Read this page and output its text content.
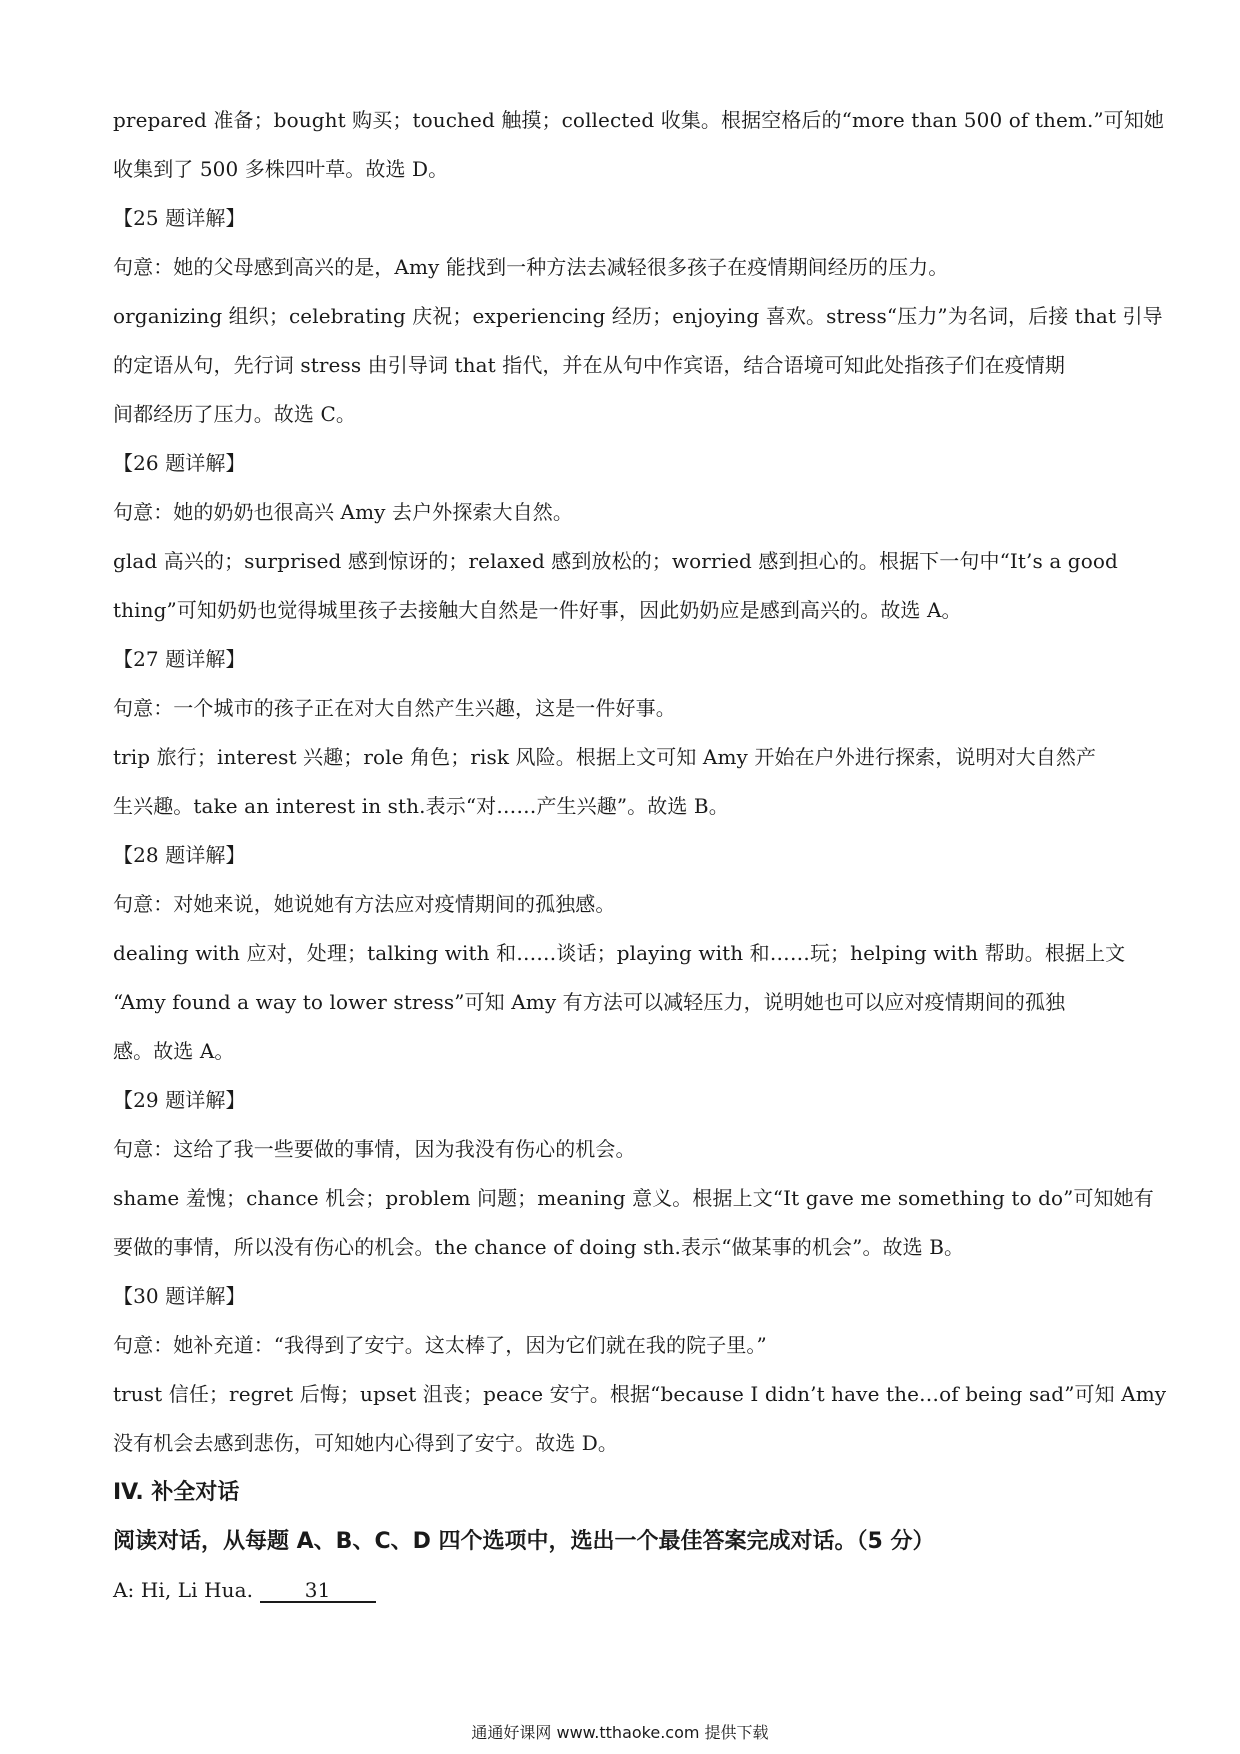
prepared 准备；bought 购买；touched 触摸；collected 收集。根据空格后的“more than 500 of them.”可知她
收集到了 500 多株四叶草。故选 D。
【25 题详解】
句意：她的父母感到高兴的是，Amy 能找到一种方法去减轻很多孩子在疫情期间经历的压力。
organizing 组织；celebrating 庆祝；experiencing 经历；enjoying 喜欢。stress“压力”为名词，后接 that 引导
的定语从句，先行词 stress 由引导词 that 指代，并在从句中作宾语，结合语境可知此处指孩子们在疫情期
间都经历了压力。故选 C。
【26 题详解】
句意：她的奶奶也很高兴 Amy 去户外探索大自然。
glad 高兴的；surprised 感到惊讶的；relaxed 感到放松的；worried 感到担心的。根据下一句中“It’s a good
thing”可知奶奶也觉得城里孩子去接触大自然是一件好事，因此奶奶应是感到高兴的。故选 A。
【27 题详解】
句意：一个城市的孩子正在对大自然产生兴趣，这是一件好事。
trip 旅行；interest 兴趣；role 角色；risk 风险。根据上文可知 Amy 开始在户外进行探索，说明对大自然产
生兴趣。take an interest in sth.表示“对……产生兴趣”。故选 B。
【28 题详解】
句意：对她来说，她说她有方法应对疫情期间的孤独感。
dealing with 应对，处理；talking with 和……谈话；playing with 和……玩；helping with 帮助。根据上文
“Amy found a way to lower stress”可知 Amy 有方法可以减轻压力，说明她也可以应对疫情期间的孤独
感。故选 A。
【29 题详解】
句意：这给了我一些要做的事情，因为我没有伤心的机会。
shame 羞愧；chance 机会；problem 问题；meaning 意义。根据上文“It gave me something to do”可知她有
要做的事情，所以没有伤心的机会。the chance of doing sth.表示“做某事的机会”。故选 B。
【30 题详解】
句意：她补充道：“我得到了安宁。这太棒了，因为它们就在我的院子里。”
trust 信任；regret 后悔；upset 沮丧；peace 安宁。根据“because I didn’t have the…of being sad”可知 Amy
没有机会去感到悲伤，可知她内心得到了安宁。故选 D。
IV. 补全对话
阅读对话，从每题 A、B、C、D 四个选项中，选出一个最佳答案完成对话。（5 分）
A: Hi, Li Hua.	31
通通好课网 www.tthaoke.com 提供下载
